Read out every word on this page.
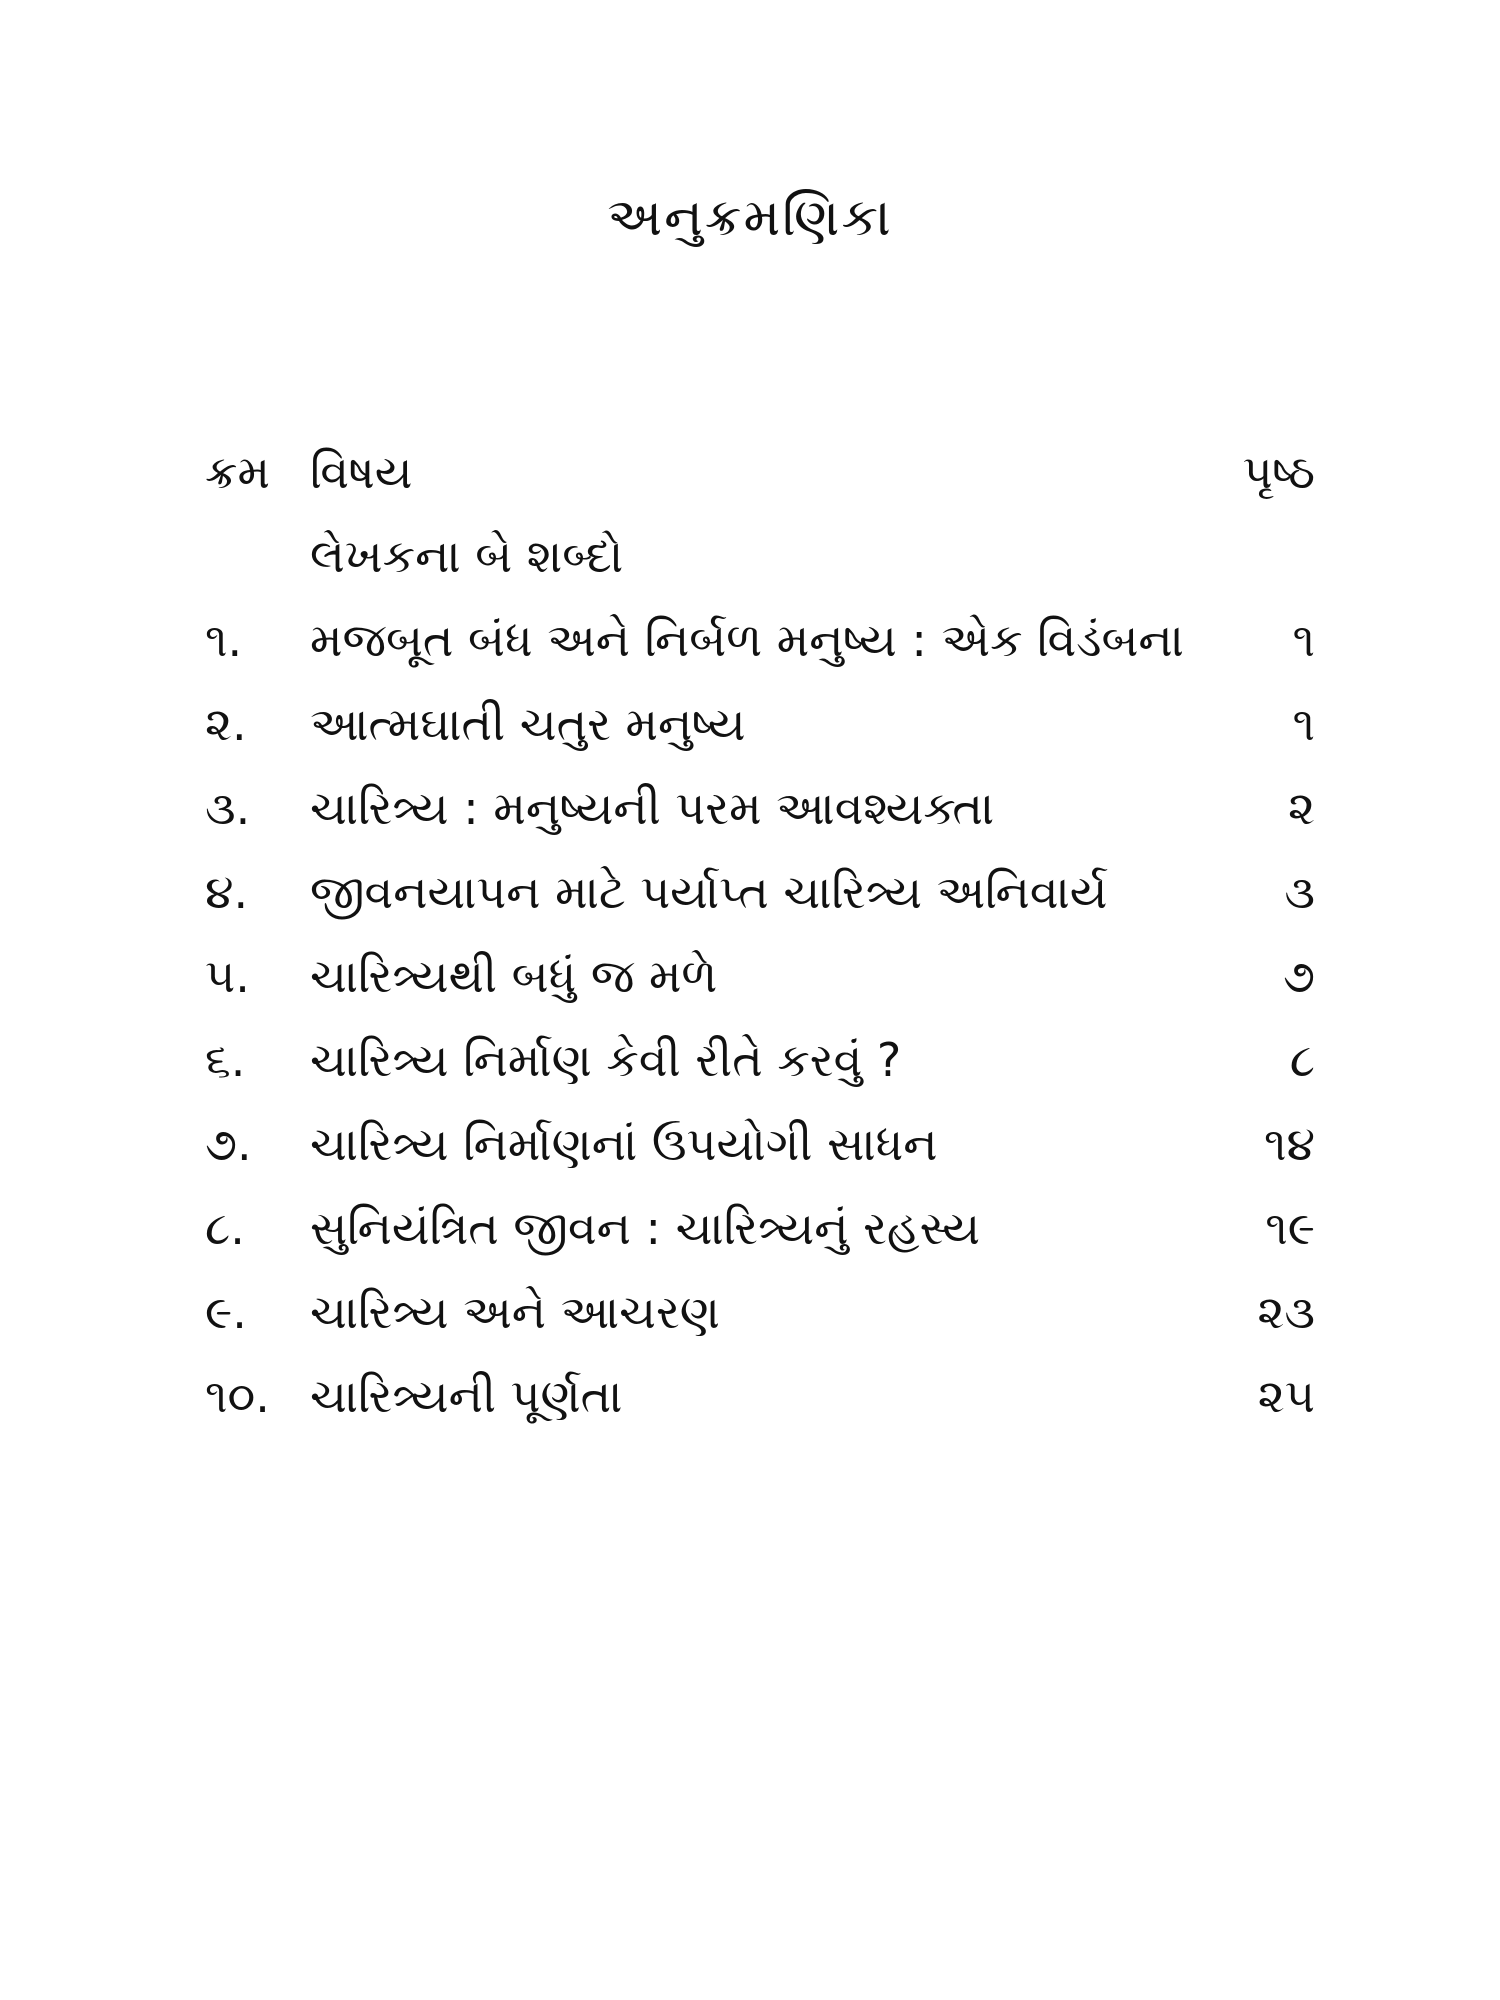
અનુક્રમણિકા
ક્રમ વિષય	પૃષ્ઠ
લેખકના બે શબ્દો
૧. મજબૂત બંધ અને નિર્બળ મનુષ્ય : એક વિડંબના ૧
૨. આત્મઘાતી ચતુર મનુષ્ય	૧
૩. ચારિત્ર્ય : મનુષ્યની પરમ આવશ્યક્તા	૨
૪. જીવનયાપન માટે પર્યાપ્ત ચારિત્ર્ય અનિવાર્ય	૩
૫. ચારિત્ર્યથી બધું જ મળે	૭
૬. ચારિત્ર્ય નિર્માણ કેવી રીતે કરવું ?	૮
૭. ચારિત્ર્ય નિર્માણનાં ઉપયોગી સાધન	૧૪
૮. સુનિયંત્રિત જીવન : ચારિત્ર્યનું રહસ્ય	૧૯
૯. ચારિત્ર્ય અને આચરણ	૨૩
૧૦. ચારિત્ર્યની પૂર્ણતા	૨૫
